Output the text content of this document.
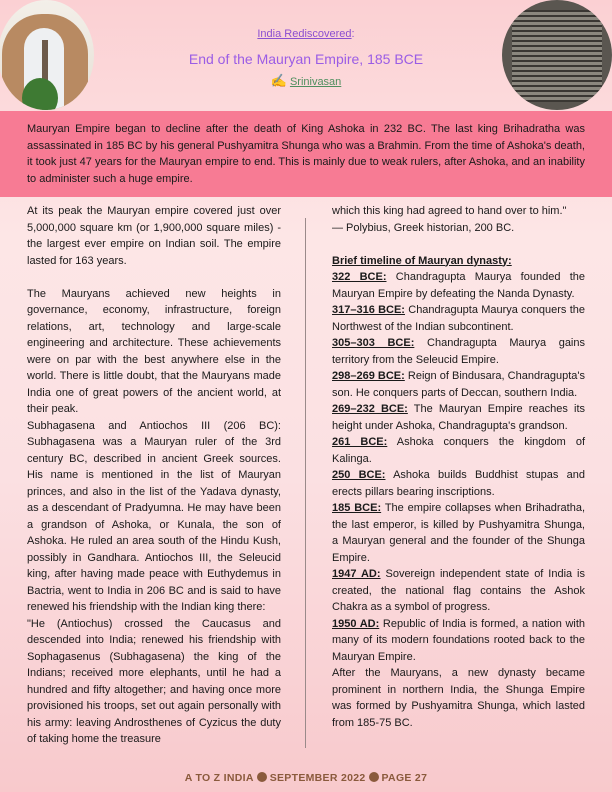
India Rediscovered:
End of the Mauryan Empire, 185 BCE
✍ Srinivasan
Mauryan Empire began to decline after the death of King Ashoka in 232 BC. The last king Brihadratha was assassinated in 185 BC by his general Pushyamitra Shunga who was a Brahmin. From the time of Ashoka's death, it took just 47 years for the Mauryan empire to end. This is mainly due to weak rulers, after Ashoka, and an inability to administer such a huge empire.

At its peak the Mauryan empire covered just over 5,000,000 square km (or 1,900,000 square miles) - the largest ever empire on Indian soil. The empire lasted for 163 years.

The Mauryans achieved new heights in governance, economy, infrastructure, foreign relations, art, technology and large-scale engineering and architecture. These achievements were on par with the best anywhere else in the world. There is little doubt, that the Mauryans made India one of great powers of the ancient world, at their peak.

Subhagasena and Antiochos III (206 BC): Subhagasena was a Mauryan ruler of the 3rd century BC, described in ancient Greek sources. His name is mentioned in the list of Mauryan princes, and also in the list of the Yadava dynasty, as a descendant of Pradyumna. He may have been a grandson of Ashoka, or Kunala, the son of Ashoka. He ruled an area south of the Hindu Kush, possibly in Gandhara. Antiochos III, the Seleucid king, after having made peace with Euthydemus in Bactria, went to India in 206 BC and is said to have renewed his friendship with the Indian king there:

"He (Antiochus) crossed the Caucasus and descended into India; renewed his friendship with Sophagasenus (Subhagasena) the king of the Indians; received more elephants, until he had a hundred and fifty altogether; and having once more provisioned his troops, set out again personally with his army: leaving Androsthenes of Cyzicus the duty of taking home the treasure

which this king had agreed to hand over to him."

— Polybius, Greek historian, 200 BC.

Brief timeline of Mauryan dynasty:

322 BCE: Chandragupta Maurya founded the Mauryan Empire by defeating the Nanda Dynasty.

317–316 BCE: Chandragupta Maurya conquers the Northwest of the Indian subcontinent.

305–303 BCE: Chandragupta Maurya gains territory from the Seleucid Empire.

298–269 BCE: Reign of Bindusara, Chandragupta's son. He conquers parts of Deccan, southern India.

269–232 BCE: The Mauryan Empire reaches its height under Ashoka, Chandragupta's grandson.

261 BCE: Ashoka conquers the kingdom of Kalinga.

250 BCE: Ashoka builds Buddhist stupas and erects pillars bearing inscriptions.

185 BCE: The empire collapses when Brihadratha, the last emperor, is killed by Pushyamitra Shunga, a Mauryan general and the founder of the Shunga Empire.

1947 AD: Sovereign independent state of India is created, the national flag contains the Ashok Chakra as a symbol of progress.

1950 AD: Republic of India is formed, a nation with many of its modern foundations rooted back to the Mauryan Empire.

After the Mauryans, a new dynasty became prominent in northern India, the Shunga Empire was formed by Pushyamitra Shunga, which lasted from 185-75 BC.

A TO Z INDIA SEPTEMBER 2022 PAGE 27
